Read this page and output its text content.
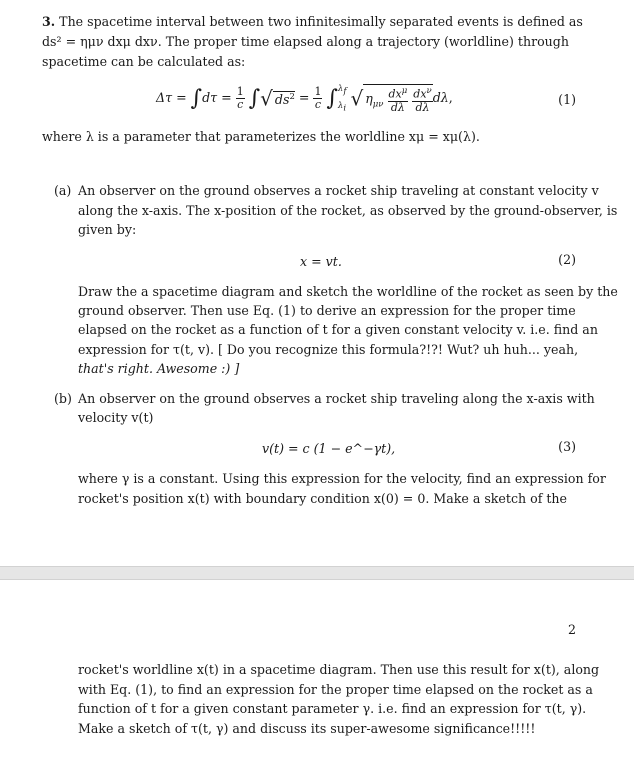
3. The spacetime interval between two infinitesimally separated events is defined as
ds² = ημν dxμ dxν. The proper time elapsed along a trajectory (worldline) through
spacetime can be calculated as:
$\Delta\tau = \int d\tau = \frac{1}{c}$ ∫√ $ds^2 = \frac{1}{c}$ ∫ $\lambda_f$
$\lambda_i$ √ $\eta_{\mu\nu} \frac{dx^\mu}{d\lambda}$
$\frac{dx^\nu}{d\lambda} d\lambda$,	(1)
where λ is a parameter that parameterizes the worldline xμ = xμ(λ).
(a) An observer on the ground observes a rocket ship traveling at constant velocity v
along the x-axis. The x-position of the rocket, as observed by the ground-observer, is
given by:
x = vt.	(2)
Draw the a spacetime diagram and sketch the worldline of the rocket as seen by the
ground observer. Then use Eq. (1) to derive an expression for the proper time
elapsed on the rocket as a function of t for a given constant velocity v. i.e. find an
expression for τ(t, v). [ Do you recognize this formula?!?! Wut? uh huh... yeah,
that's right. Awesome :) ]
(b) An observer on the ground observes a rocket ship traveling along the x-axis with
velocity v(t)
v(t) = c (1 − e^−γt),	(3)
where γ is a constant. Using this expression for the velocity, find an expression for
rocket's position x(t) with boundary condition x(0) = 0. Make a sketch of the
2
rocket's worldline x(t) in a spacetime diagram. Then use this result for x(t), along
with Eq. (1), to find an expression for the proper time elapsed on the rocket as a
function of t for a given constant parameter γ. i.e. find an expression for τ(t, γ).
Make a sketch of τ(t, γ) and discuss its super-awesome significance!!!!!
